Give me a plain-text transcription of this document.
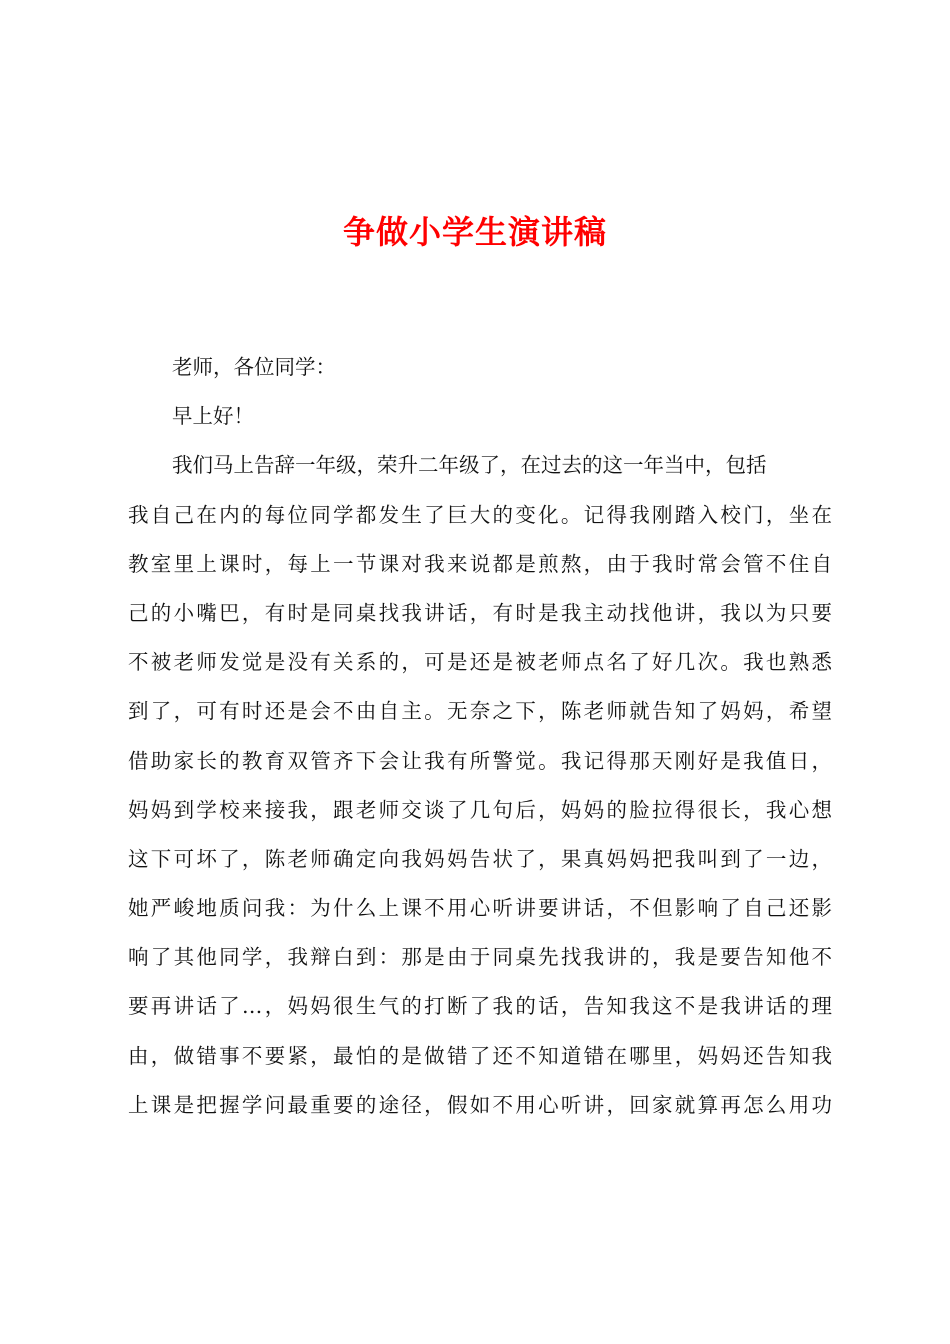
争做小学生演讲稿
老师，各位同学：
早上好！
我们马上告辞一年级，荣升二年级了，在过去的这一年当中，包括
我自己在内的每位同学都发生了巨大的变化。记得我刚踏入校门，坐在
教室里上课时，每上一节课对我来说都是煎熬，由于我时常会管不住自
己的小嘴巴，有时是同桌找我讲话，有时是我主动找他讲，我以为只要
不被老师发觉是没有关系的，可是还是被老师点名了好几次。我也熟悉
到了，可有时还是会不由自主。无奈之下，陈老师就告知了妈妈，希望
借助家长的教育双管齐下会让我有所警觉。我记得那天刚好是我值日，
妈妈到学校来接我，跟老师交谈了几句后，妈妈的脸拉得很长，我心想
这下可坏了，陈老师确定向我妈妈告状了，果真妈妈把我叫到了一边，
她严峻地质问我：为什么上课不用心听讲要讲话，不但影响了自己还影
响了其他同学，我辩白到：那是由于同桌先找我讲的，我是要告知他不
要再讲话了…，妈妈很生气的打断了我的话，告知我这不是我讲话的理
由，做错事不要紧，最怕的是做错了还不知道错在哪里，妈妈还告知我
上课是把握学问最重要的途径，假如不用心听讲，回家就算再怎么用功
